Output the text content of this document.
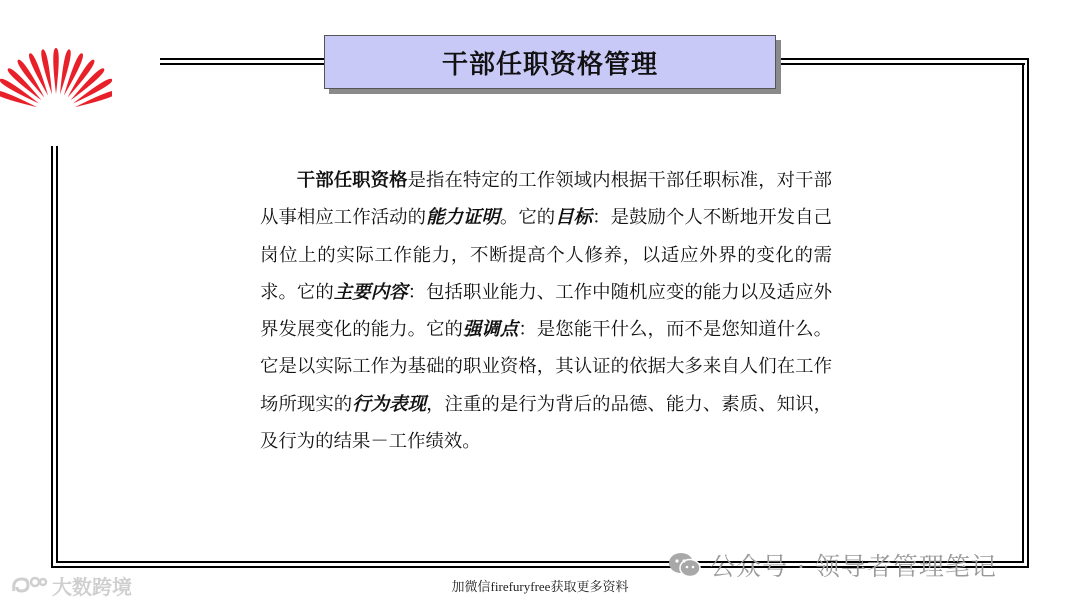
干部任职资格管理

干部任职资格是指在特定的工作领域内根据干部任职标准，对干部从事相应工作活动的能力证明。它的目标：是鼓励个人不断地开发自己岗位上的实际工作能力，不断提高个人修养，以适应外界的变化的需求。它的主要内容：包括职业能力、工作中随机应变的能力以及适应外界发展变化的能力。它的强调点：是您能干什么，而不是您知道什么。它是以实际工作为基础的职业资格，其认证的依据大多来自人们在工作场所现实的行为表现，注重的是行为背后的品德、能力、素质、知识，及行为的结果－工作绩效。

公众号 · 领导者管理笔记
加微信firefuryfree获取更多资料
大数跨境
